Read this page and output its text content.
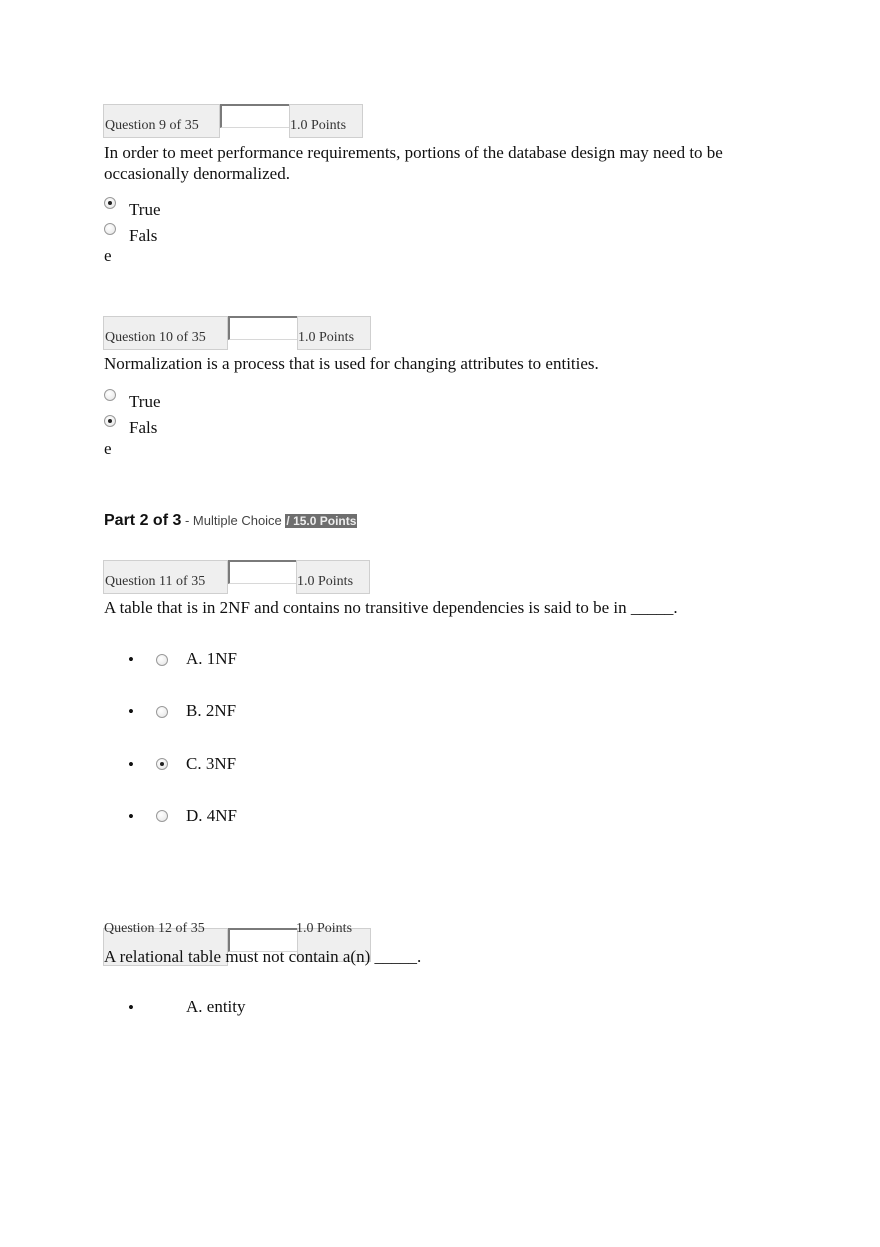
Question 9 of 35	1.0 Points
In order to meet performance requirements, portions of the database design may need to be
occasionally denormalized.
True
Fals
e
Question 10 of 35	1.0 Points
Normalization is a process that is used for changing attributes to entities.
True
Fals
e
Part 2 of 3 - Multiple Choice / 15.0 Points
Question 11 of 35	1.0 Points
A table that is in 2NF and contains no transitive dependencies is said to be in _____.
•	A. 1NF
•	B. 2NF
•	C. 3NF
•	D. 4NF
Question 12 of 35	1.0 Points
A relational table must not contain a(n) _____.
•	A. entity
